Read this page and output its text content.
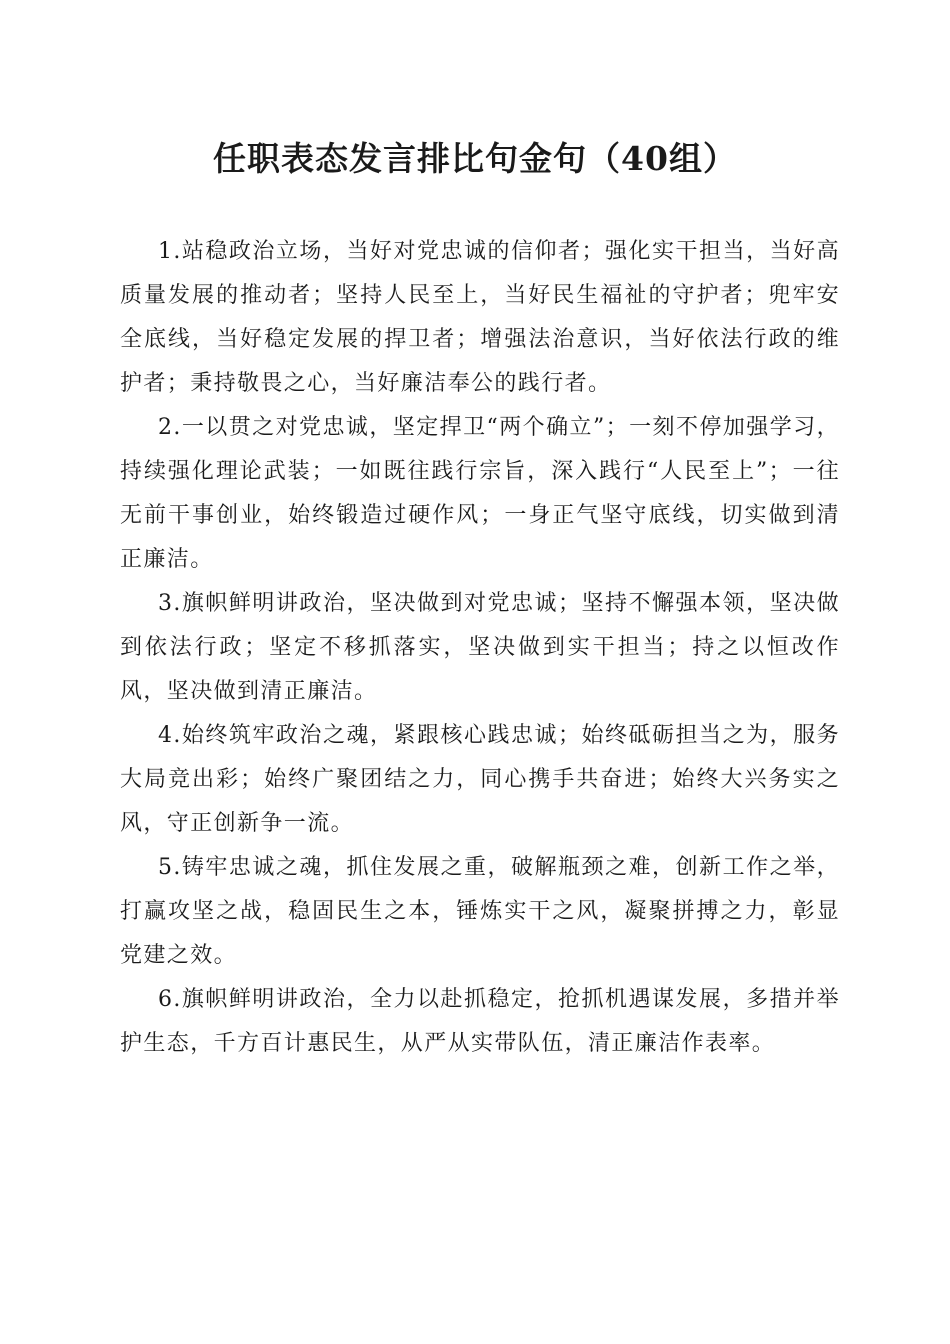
任职表态发言排比句金句（40组）

1.站稳政治立场，当好对党忠诚的信仰者；强化实干担当，当好高质量发展的推动者；坚持人民至上，当好民生福祉的守护者；兜牢安全底线，当好稳定发展的捍卫者；增强法治意识，当好依法行政的维护者；秉持敬畏之心，当好廉洁奉公的践行者。

2.一以贯之对党忠诚，坚定捍卫“两个确立”；一刻不停加强学习，持续强化理论武装；一如既往践行宗旨，深入践行“人民至上”；一往无前干事创业，始终锻造过硬作风；一身正气坚守底线，切实做到清正廉洁。

3.旗帜鲜明讲政治，坚决做到对党忠诚；坚持不懈强本领，坚决做到依法行政；坚定不移抓落实，坚决做到实干担当；持之以恒改作风，坚决做到清正廉洁。

4.始终筑牢政治之魂，紧跟核心践忠诚；始终砥砺担当之为，服务大局竞出彩；始终广聚团结之力，同心携手共奋进；始终大兴务实之风，守正创新争一流。

5.铸牢忠诚之魂，抓住发展之重，破解瓶颈之难，创新工作之举，打赢攻坚之战，稳固民生之本，锤炼实干之风，凝聚拼搏之力，彰显党建之效。

6.旗帜鲜明讲政治，全力以赴抓稳定，抢抓机遇谋发展，多措并举护生态，千方百计惠民生，从严从实带队伍，清正廉洁作表率。
